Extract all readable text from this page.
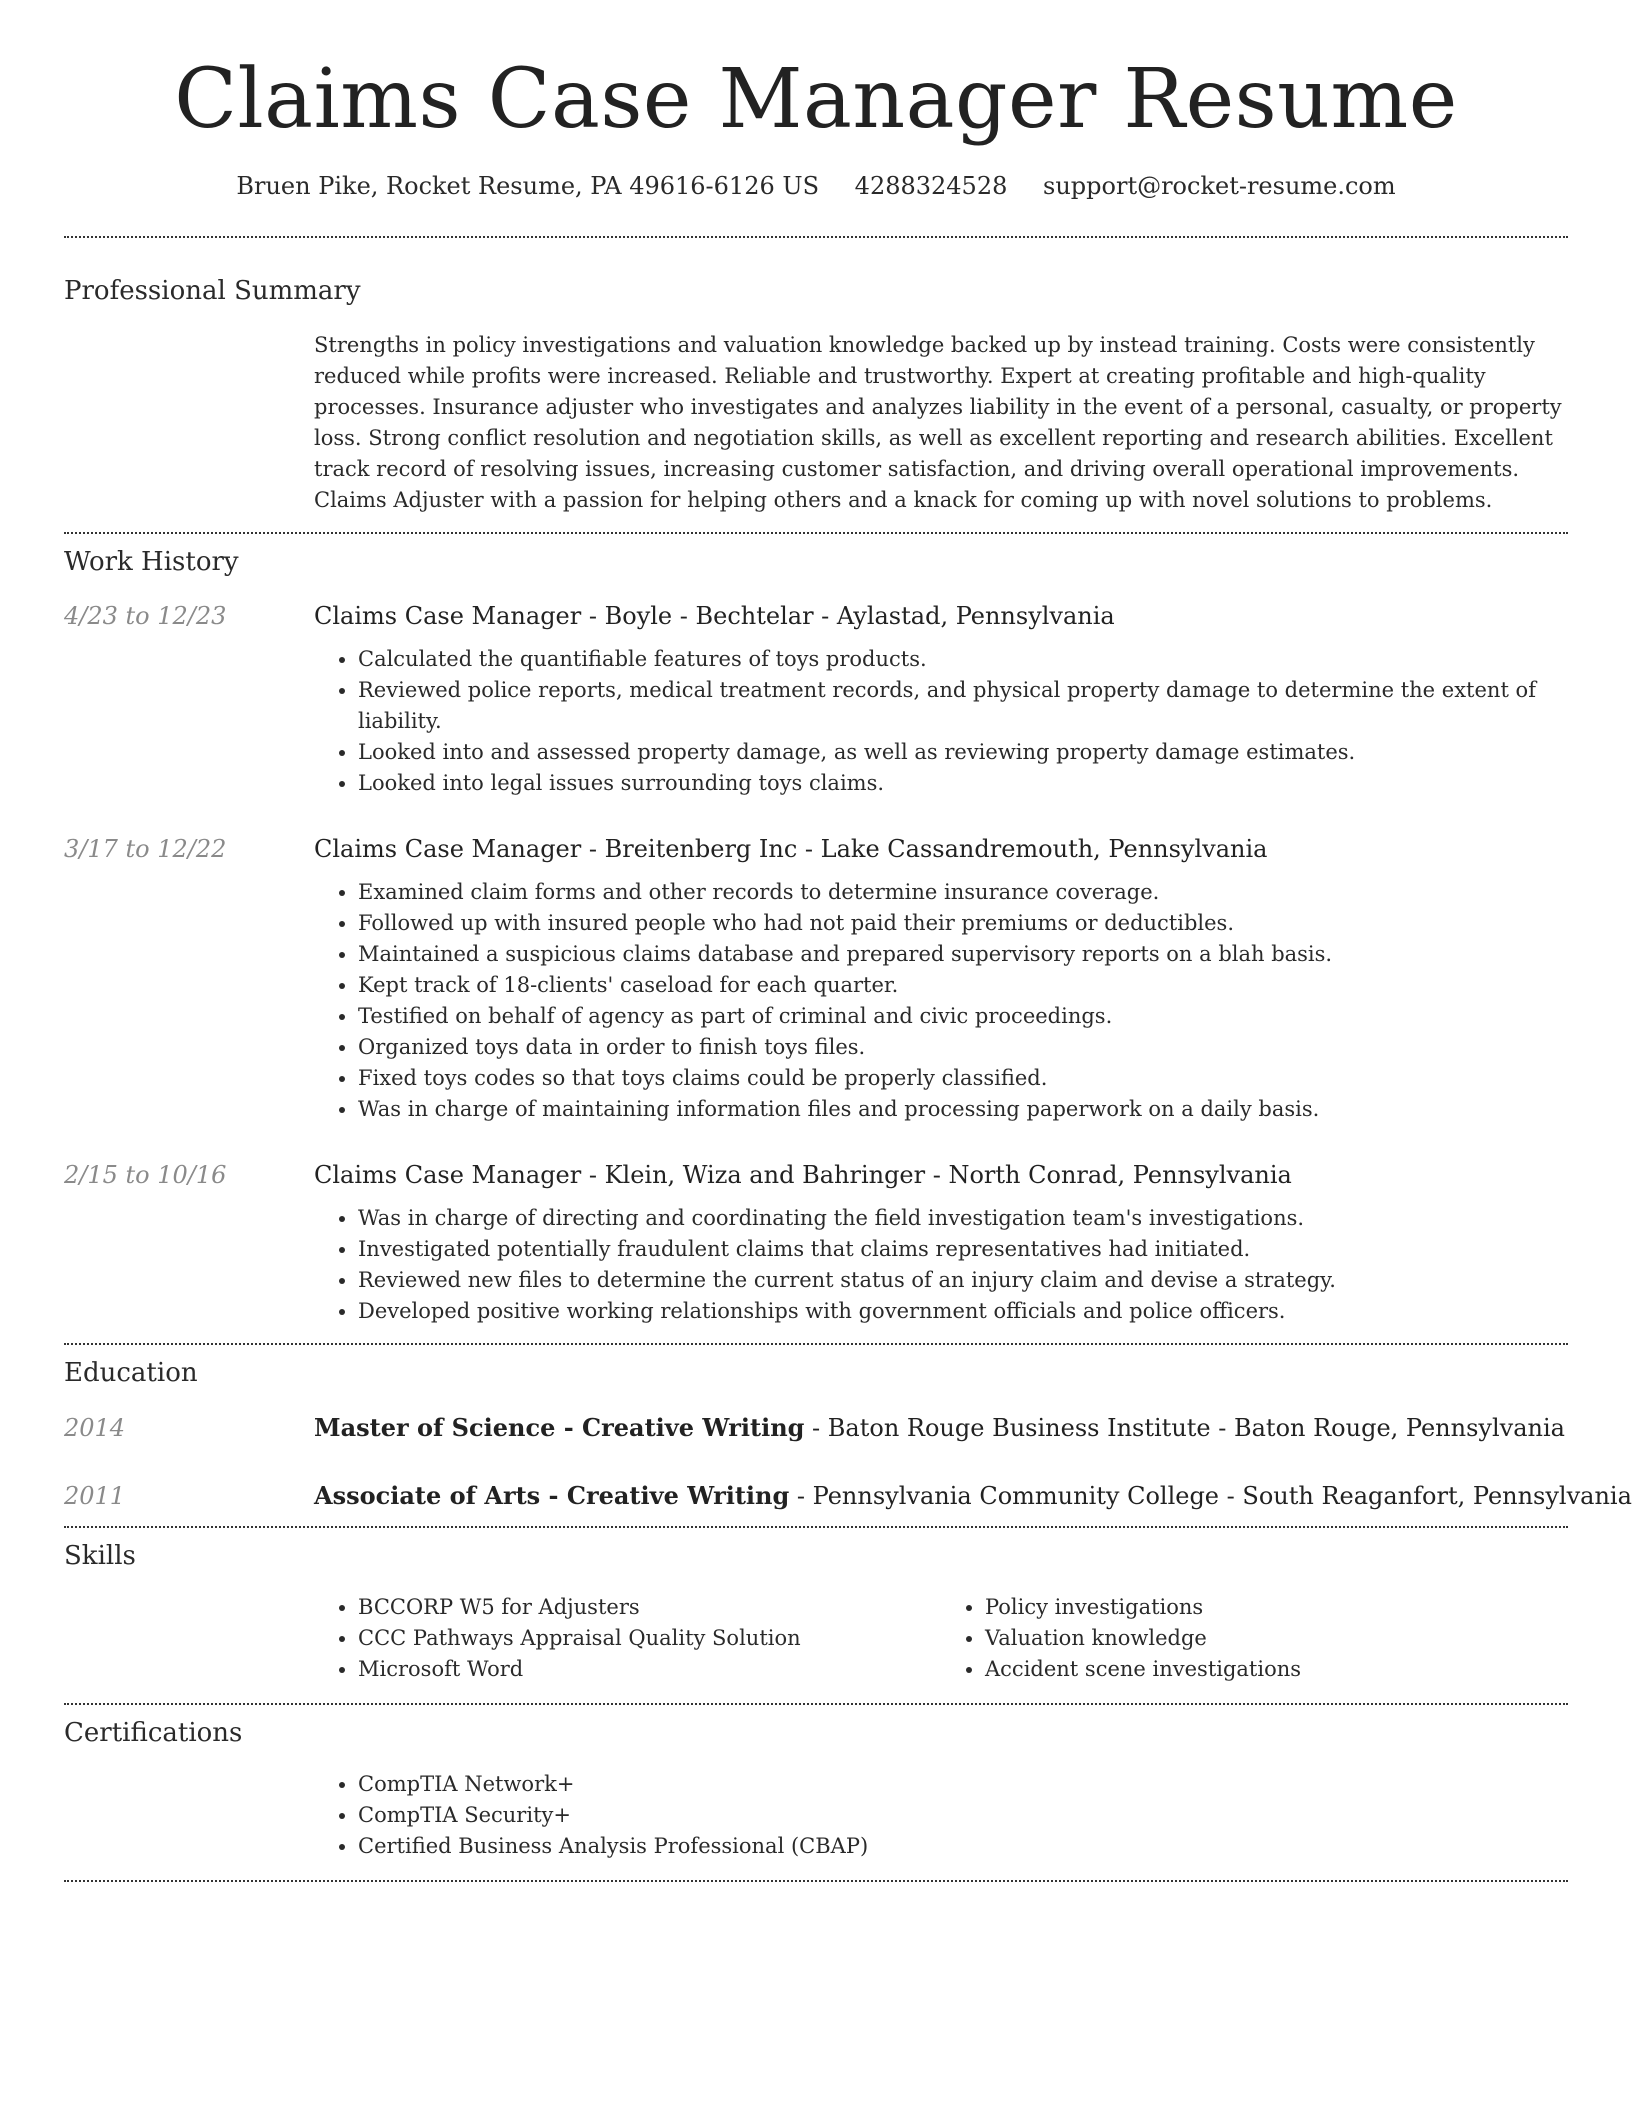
Claims Case Manager Resume
Bruen Pike, Rocket Resume, PA 49616-6126 US 4288324528 support@rocket-resume.com
Professional Summary

Strengths in policy investigations and valuation knowledge backed up by instead training. Costs were consistently reduced while profits were increased. Reliable and trustworthy. Expert at creating profitable and high-quality processes. Insurance adjuster who investigates and analyzes liability in the event of a personal, casualty, or property loss. Strong conflict resolution and negotiation skills, as well as excellent reporting and research abilities. Excellent track record of resolving issues, increasing customer satisfaction, and driving overall operational improvements. Claims Adjuster with a passion for helping others and a knack for coming up with novel solutions to problems.

Work History
4/23 to 12/23	Claims Case Manager - Boyle - Bechtelar - Aylastad, Pennsylvania
• Calculated the quantifiable features of toys products.
• Reviewed police reports, medical treatment records, and physical property damage to determine the extent of liability.
• Looked into and assessed property damage, as well as reviewing property damage estimates.
• Looked into legal issues surrounding toys claims.
3/17 to 12/22	Claims Case Manager - Breitenberg Inc - Lake Cassandremouth, Pennsylvania
• Examined claim forms and other records to determine insurance coverage.
• Followed up with insured people who had not paid their premiums or deductibles.
• Maintained a suspicious claims database and prepared supervisory reports on a blah basis.
• Kept track of 18-clients' caseload for each quarter.
• Testified on behalf of agency as part of criminal and civic proceedings.
• Organized toys data in order to finish toys files.
• Fixed toys codes so that toys claims could be properly classified.
• Was in charge of maintaining information files and processing paperwork on a daily basis.
2/15 to 10/16	Claims Case Manager - Klein, Wiza and Bahringer - North Conrad, Pennsylvania
• Was in charge of directing and coordinating the field investigation team's investigations.
• Investigated potentially fraudulent claims that claims representatives had initiated.
• Reviewed new files to determine the current status of an injury claim and devise a strategy.
• Developed positive working relationships with government officials and police officers.
Education
2014	Master of Science - Creative Writing - Baton Rouge Business Institute - Baton Rouge, Pennsylvania
2011	Associate of Arts - Creative Writing - Pennsylvania Community College - South Reaganfort, Pennsylvania
Skills
• BCCORP W5 for Adjusters
• CCC Pathways Appraisal Quality Solution
• Microsoft Word
• Policy investigations
• Valuation knowledge
• Accident scene investigations
Certifications
• CompTIA Network+
• CompTIA Security+
• Certified Business Analysis Professional (CBAP)
